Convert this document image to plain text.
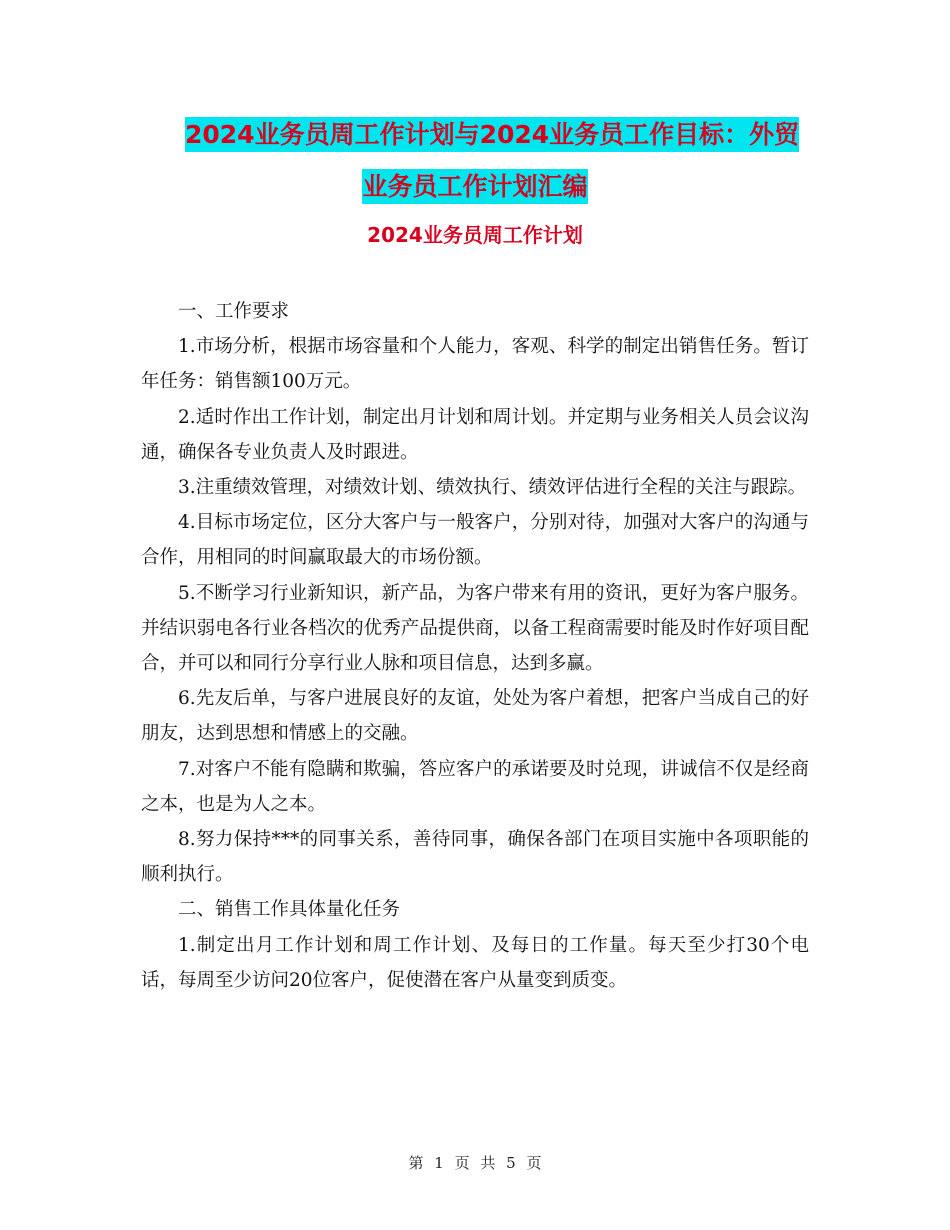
2024业务员周工作计划与2024业务员工作目标：外贸
业务员工作计划汇编
2024业务员周工作计划

一、工作要求

1.市场分析，根据市场容量和个人能力，客观、科学的制定出销售任务。暂订年任务：销售额100万元。

2.适时作出工作计划，制定出月计划和周计划。并定期与业务相关人员会议沟通，确保各专业负责人及时跟进。

3.注重绩效管理，对绩效计划、绩效执行、绩效评估进行全程的关注与跟踪。

4.目标市场定位，区分大客户与一般客户，分别对待，加强对大客户的沟通与合作，用相同的时间赢取最大的市场份额。

5.不断学习行业新知识，新产品，为客户带来有用的资讯，更好为客户服务。并结识弱电各行业各档次的优秀产品提供商，以备工程商需要时能及时作好项目配合，并可以和同行分享行业人脉和项目信息，达到多赢。

6.先友后单，与客户进展良好的友谊，处处为客户着想，把客户当成自己的好朋友，达到思想和情感上的交融。

7.对客户不能有隐瞒和欺骗，答应客户的承诺要及时兑现，讲诚信不仅是经商之本，也是为人之本。

8.努力保持***的同事关系，善待同事，确保各部门在项目实施中各项职能的顺利执行。

二、销售工作具体量化任务

1.制定出月工作计划和周工作计划、及每日的工作量。每天至少打30个电话，每周至少访问20位客户，促使潜在客户从量变到质变。

第 1 页 共 5 页
